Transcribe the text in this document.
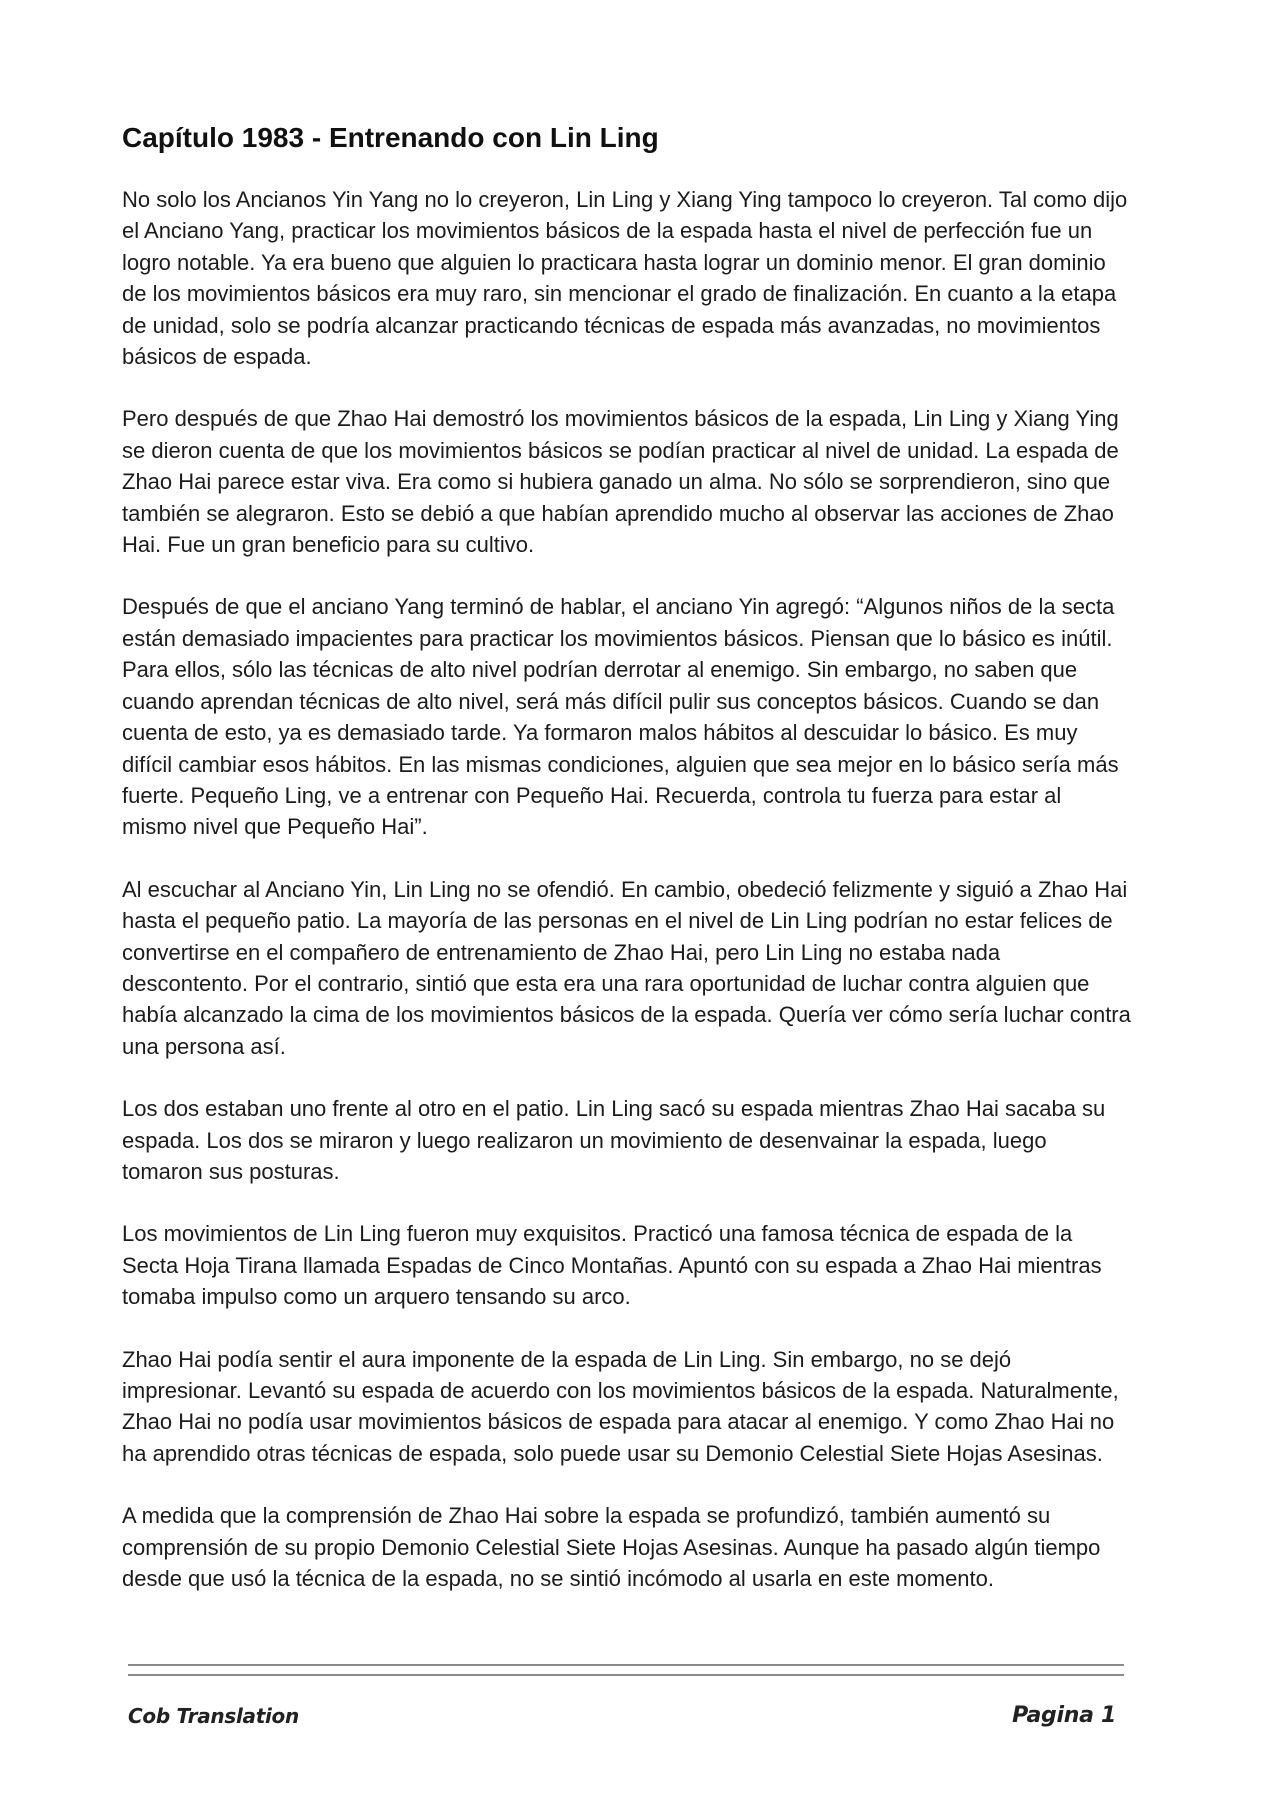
Capítulo 1983 - Entrenando con Lin Ling

No solo los Ancianos Yin Yang no lo creyeron, Lin Ling y Xiang Ying tampoco lo creyeron. Tal como dijo el Anciano Yang, practicar los movimientos básicos de la espada hasta el nivel de perfección fue un logro notable. Ya era bueno que alguien lo practicara hasta lograr un dominio menor. El gran dominio de los movimientos básicos era muy raro, sin mencionar el grado de finalización. En cuanto a la etapa de unidad, solo se podría alcanzar practicando técnicas de espada más avanzadas, no movimientos básicos de espada.

Pero después de que Zhao Hai demostró los movimientos básicos de la espada, Lin Ling y Xiang Ying se dieron cuenta de que los movimientos básicos se podían practicar al nivel de unidad. La espada de Zhao Hai parece estar viva. Era como si hubiera ganado un alma. No sólo se sorprendieron, sino que también se alegraron. Esto se debió a que habían aprendido mucho al observar las acciones de Zhao Hai. Fue un gran beneficio para su cultivo.

Después de que el anciano Yang terminó de hablar, el anciano Yin agregó: “Algunos niños de la secta están demasiado impacientes para practicar los movimientos básicos. Piensan que lo básico es inútil. Para ellos, sólo las técnicas de alto nivel podrían derrotar al enemigo. Sin embargo, no saben que cuando aprendan técnicas de alto nivel, será más difícil pulir sus conceptos básicos. Cuando se dan cuenta de esto, ya es demasiado tarde. Ya formaron malos hábitos al descuidar lo básico. Es muy difícil cambiar esos hábitos. En las mismas condiciones, alguien que sea mejor en lo básico sería más fuerte. Pequeño Ling, ve a entrenar con Pequeño Hai. Recuerda, controla tu fuerza para estar al mismo nivel que Pequeño Hai”.

Al escuchar al Anciano Yin, Lin Ling no se ofendió. En cambio, obedeció felizmente y siguió a Zhao Hai hasta el pequeño patio. La mayoría de las personas en el nivel de Lin Ling podrían no estar felices de convertirse en el compañero de entrenamiento de Zhao Hai, pero Lin Ling no estaba nada descontento. Por el contrario, sintió que esta era una rara oportunidad de luchar contra alguien que había alcanzado la cima de los movimientos básicos de la espada. Quería ver cómo sería luchar contra una persona así.

Los dos estaban uno frente al otro en el patio. Lin Ling sacó su espada mientras Zhao Hai sacaba su espada. Los dos se miraron y luego realizaron un movimiento de desenvainar la espada, luego tomaron sus posturas.

Los movimientos de Lin Ling fueron muy exquisitos. Practicó una famosa técnica de espada de la Secta Hoja Tirana llamada Espadas de Cinco Montañas. Apuntó con su espada a Zhao Hai mientras tomaba impulso como un arquero tensando su arco.

Zhao Hai podía sentir el aura imponente de la espada de Lin Ling. Sin embargo, no se dejó impresionar. Levantó su espada de acuerdo con los movimientos básicos de la espada. Naturalmente, Zhao Hai no podía usar movimientos básicos de espada para atacar al enemigo. Y como Zhao Hai no ha aprendido otras técnicas de espada, solo puede usar su Demonio Celestial Siete Hojas Asesinas.

A medida que la comprensión de Zhao Hai sobre la espada se profundizó, también aumentó su comprensión de su propio Demonio Celestial Siete Hojas Asesinas. Aunque ha pasado algún tiempo desde que usó la técnica de la espada, no se sintió incómodo al usarla en este momento.

Cob Translation	Pagina 1
